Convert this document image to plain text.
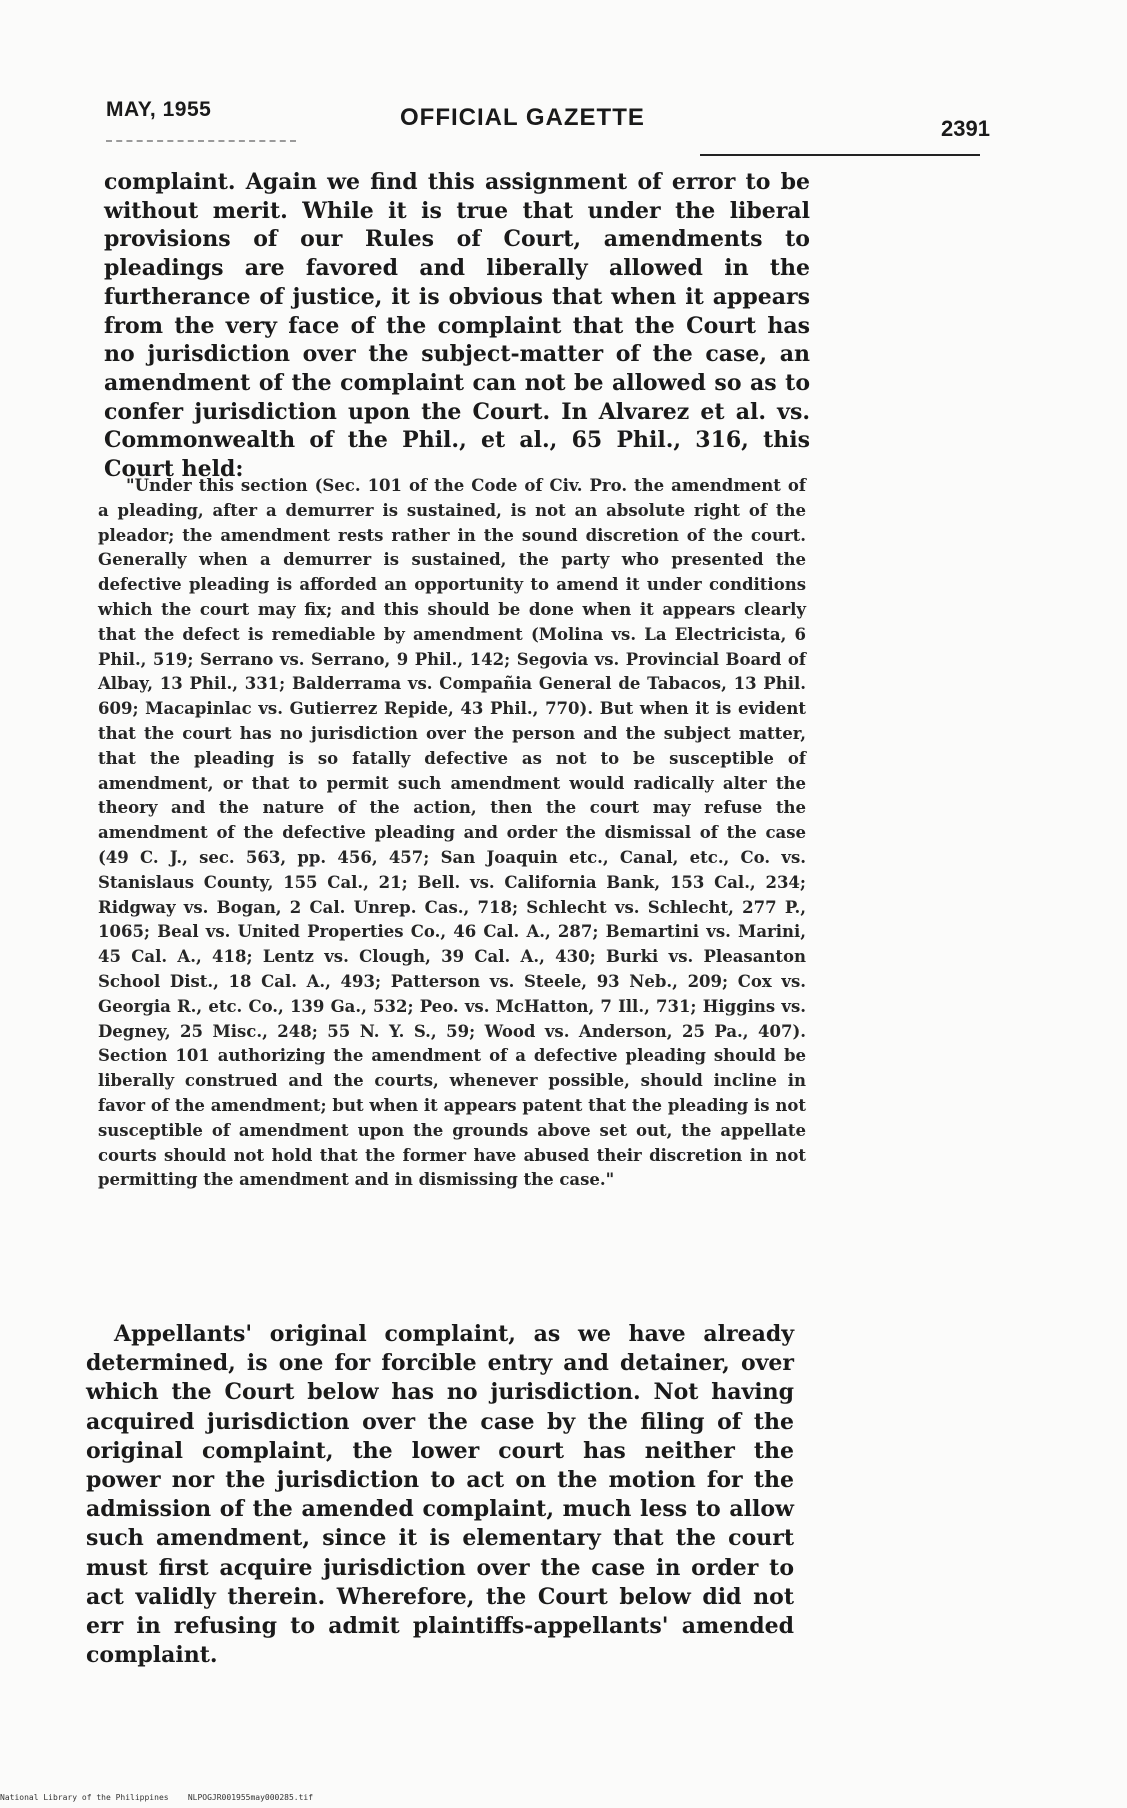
MAY, 1955	OFFICIAL GAZETTE	2391
complaint. Again we find this assignment of error to be without merit. While it is true that under the liberal provisions of our Rules of Court, amendments to pleadings are favored and liberally allowed in the furtherance of justice, it is obvious that when it appears from the very face of the complaint that the Court has no jurisdiction over the subject-matter of the case, an amendment of the complaint can not be allowed so as to confer jurisdiction upon the Court. In Alvarez et al. vs. Commonwealth of the Phil., et al., 65 Phil., 316, this Court held:
"Under this section (Sec. 101 of the Code of Civ. Pro. the amendment of a pleading, after a demurrer is sustained, is not an absolute right of the pleador; the amendment rests rather in the sound discretion of the court. Generally when a demurrer is sustained, the party who presented the defective pleading is afforded an opportunity to amend it under conditions which the court may fix; and this should be done when it appears clearly that the defect is remediable by amendment (Molina vs. La Electricista, 6 Phil., 519; Serrano vs. Serrano, 9 Phil., 142; Segovia vs. Provincial Board of Albay, 13 Phil., 331; Balderrama vs. Compañia General de Tabacos, 13 Phil. 609; Macapinlac vs. Gutierrez Repide, 43 Phil., 770). But when it is evident that the court has no jurisdiction over the person and the subject matter, that the pleading is so fatally defective as not to be susceptible of amendment, or that to permit such amendment would radically alter the theory and the nature of the action, then the court may refuse the amendment of the defective pleading and order the dismissal of the case (49 C. J., sec. 563, pp. 456, 457; San Joaquin etc., Canal, etc., Co. vs. Stanislaus County, 155 Cal., 21; Bell. vs. California Bank, 153 Cal., 234; Ridgway vs. Bogan, 2 Cal. Unrep. Cas., 718; Schlecht vs. Schlecht, 277 P., 1065; Beal vs. United Properties Co., 46 Cal. A., 287; Bemartini vs. Marini, 45 Cal. A., 418; Lentz vs. Clough, 39 Cal. A., 430; Burki vs. Pleasanton School Dist., 18 Cal. A., 493; Patterson vs. Steele, 93 Neb., 209; Cox vs. Georgia R., etc. Co., 139 Ga., 532; Peo. vs. McHatton, 7 Ill., 731; Higgins vs. Degney, 25 Misc., 248; 55 N. Y. S., 59; Wood vs. Anderson, 25 Pa., 407). Section 101 authorizing the amendment of a defective pleading should be liberally construed and the courts, whenever possible, should incline in favor of the amendment; but when it appears patent that the pleading is not susceptible of amendment upon the grounds above set out, the appellate courts should not hold that the former have abused their discretion in not permitting the amendment and in dismissing the case."
Appellants' original complaint, as we have already determined, is one for forcible entry and detainer, over which the Court below has no jurisdiction. Not having acquired jurisdiction over the case by the filing of the original complaint, the lower court has neither the power nor the jurisdiction to act on the motion for the admission of the amended complaint, much less to allow such amendment, since it is elementary that the court must first acquire jurisdiction over the case in order to act validly therein. Wherefore, the Court below did not err in refusing to admit plaintiffs-appellants' amended complaint.
National Library of the Philippines    NLPOGJR001955may000285.tif
